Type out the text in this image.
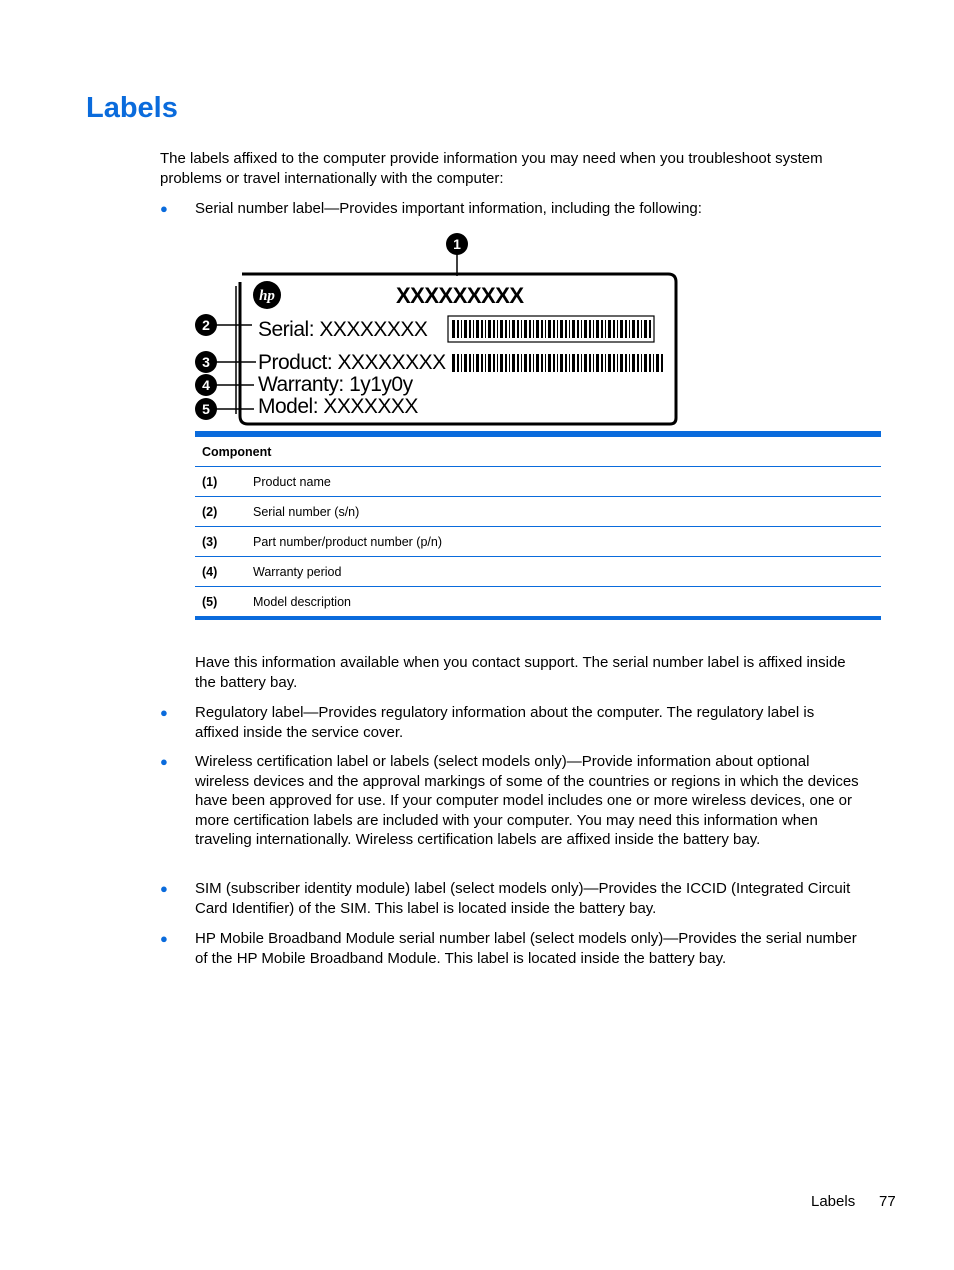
Labels

The labels affixed to the computer provide information you may need when you troubleshoot system problems or travel internationally with the computer:

● Serial number label—Provides important information, including the following:
hp	XXXXXXXXX
Serial: XXXXXXXX
Product: XXXXXXXX
Warranty: 1y1y0y
Model: XXXXXXX
1
2
3
4
5
Component
(1)	Product name
(2)	Serial number (s/n)
(3)	Part number/product number (p/n)
(4)	Warranty period
(5)	Model description

Have this information available when you contact support. The serial number label is affixed inside the battery bay.

● Regulatory label—Provides regulatory information about the computer. The regulatory label is affixed inside the service cover.
● Wireless certification label or labels (select models only)—Provide information about optional wireless devices and the approval markings of some of the countries or regions in which the devices have been approved for use. If your computer model includes one or more wireless devices, one or more certification labels are included with your computer. You may need this information when traveling internationally. Wireless certification labels are affixed inside the battery bay.
● SIM (subscriber identity module) label (select models only)—Provides the ICCID (Integrated Circuit Card Identifier) of the SIM. This label is located inside the battery bay.
● HP Mobile Broadband Module serial number label (select models only)—Provides the serial number of the HP Mobile Broadband Module. This label is located inside the battery bay.
Labels 77
